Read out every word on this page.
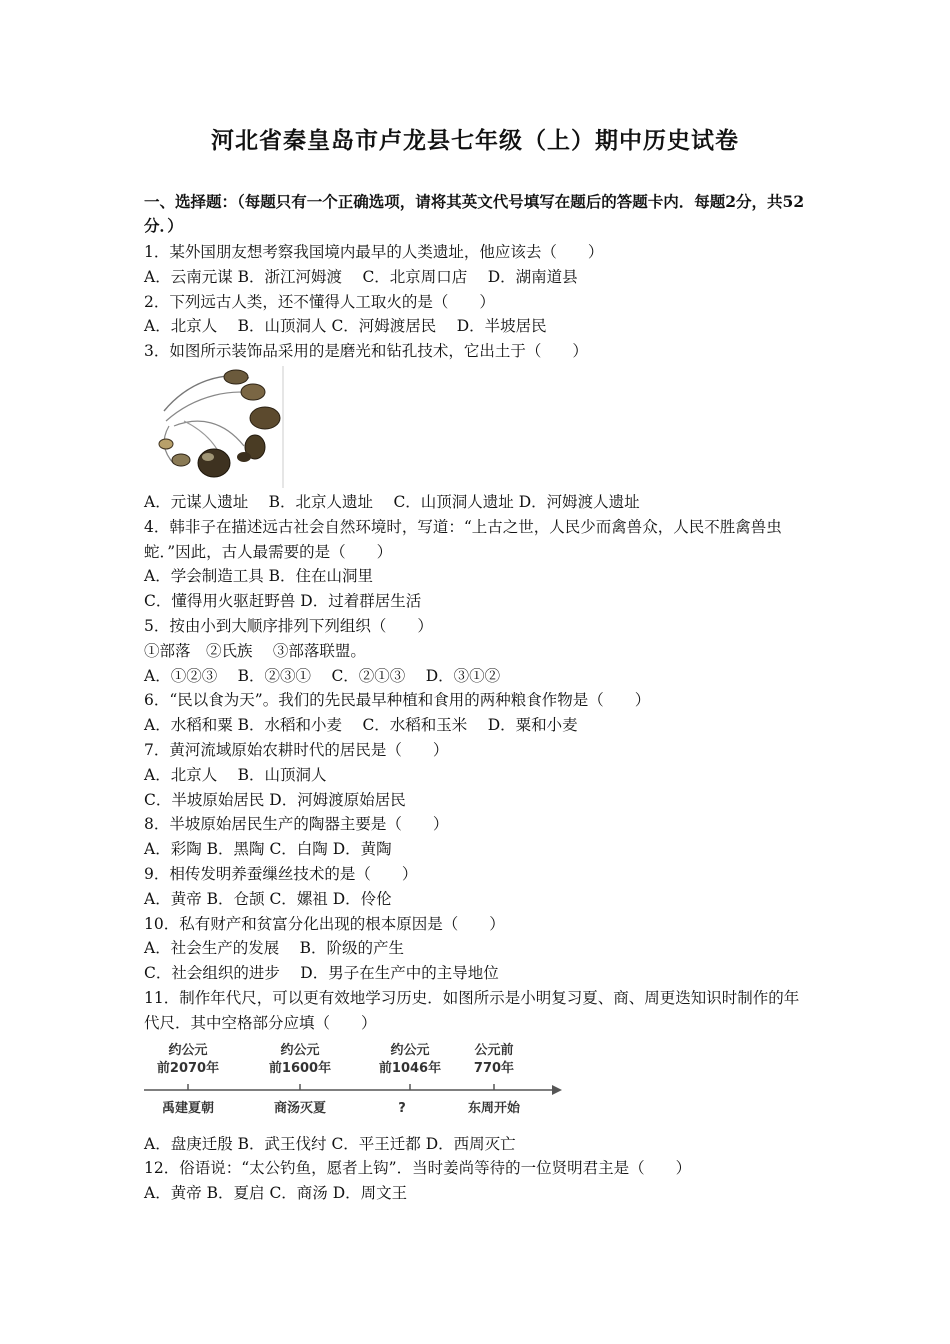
河北省秦皇岛市卢龙县七年级（上）期中历史试卷
一、选择题：（每题只有一个正确选项，请将其英文代号填写在题后的答题卡内．每题2分，共52分．）
1．某外国朋友想考察我国境内最早的人类遗址，他应该去（　　）
A．云南元谋 B．浙江河姆渡　 C．北京周口店　 D．湖南道县
2．下列远古人类，还不懂得人工取火的是（　　）
A．北京人　 B．山顶洞人 C．河姆渡居民　 D．半坡居民
3．如图所示装饰品采用的是磨光和钻孔技术，它出土于（　　）
A．元谋人遗址　 B．北京人遗址　 C．山顶洞人遗址 D．河姆渡人遗址
4．韩非子在描述远古社会自然环境时，写道：“上古之世，人民少而禽兽众，人民不胜禽兽虫蛇．”因此，古人最需要的是（　　）
A．学会制造工具 B．住在山洞里
C．懂得用火驱赶野兽 D．过着群居生活
5．按由小到大顺序排列下列组织（　　）
①部落　②氏族　 ③部落联盟。
A．①②③　 B．②③①　 C．②①③　 D．③①②
6．“民以食为天”。我们的先民最早种植和食用的两种粮食作物是（　　）
A．水稻和粟 B．水稻和小麦　 C．水稻和玉米　 D．粟和小麦
7．黄河流域原始农耕时代的居民是（　　）
A．北京人　 B．山顶洞人
C．半坡原始居民 D．河姆渡原始居民
8．半坡原始居民生产的陶器主要是（　　）
A．彩陶 B．黑陶 C．白陶 D．黄陶
9．相传发明养蚕缫丝技术的是（　　）
A．黄帝 B．仓颉 C．嫘祖 D．伶伦
10．私有财产和贫富分化出现的根本原因是（　　）
A．社会生产的发展　 B．阶级的产生
C．社会组织的进步　 D．男子在生产中的主导地位
11．制作年代尺，可以更有效地学习历史．如图所示是小明复习夏、商、周更迭知识时制作的年代尺．其中空格部分应填（　　）
约公元
前2070年
禹建夏朝
约公元
前1600年
商汤灭夏
约公元
前1046年
?
公元前
770年
东周开始
A．盘庚迁殷 B．武王伐纣 C．平王迁都 D．西周灭亡
12．俗语说：“太公钓鱼，愿者上钩”．当时姜尚等待的一位贤明君主是（　　）
A．黄帝 B．夏启 C．商汤 D．周文王
